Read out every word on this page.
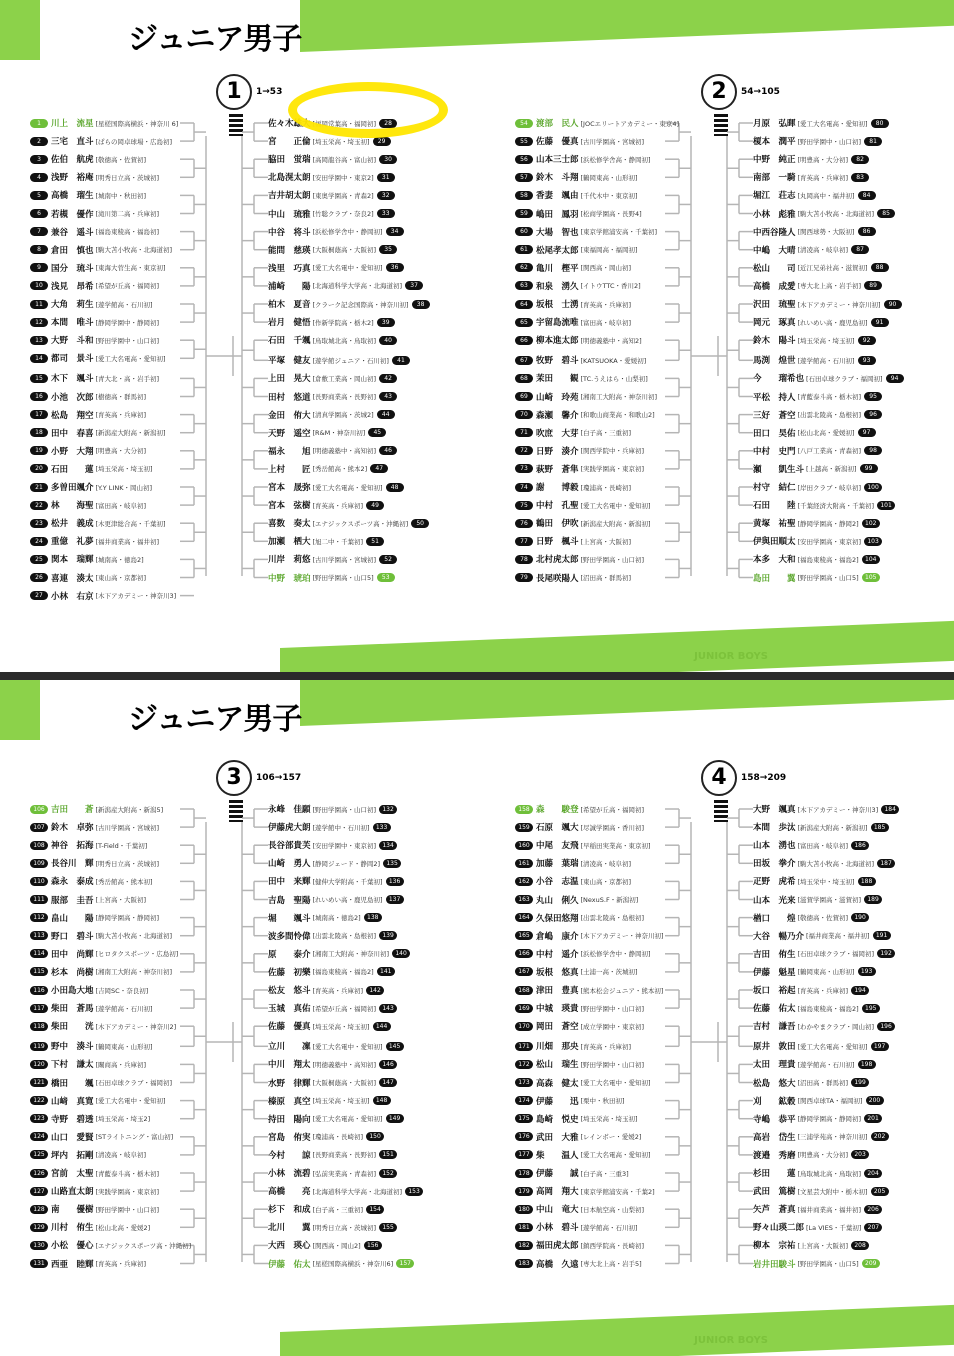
ジュニア男子
JUNIOR BOYS
1	1→53
1	川上　流星 [星槎国際高横浜・神奈川 6]
2	三宅　直斗 [ぱらの岡卓球場・広島初]
3	佐伯　航虎 [敬徳高・佐賀初]
4	浅野　裕庵 [明秀日立高・茨城初]
5	高橋　瑠生 [城南中・秋田初]
6	若槻　優作 [滝川第二高・兵庫初]
7	兼谷　遥斗 [福島東稜高・福島初]
8	倉田　慎也 [駒大苫小牧高・北海道初]
9	国分　琉斗 [東海大菅生高・東京初]
10 浅見　昂希 [希望が丘高・福岡初]
11 大角　莉生 [遊学館高・石川初]
12 本間　唯斗 [静岡学園中・静岡初]
13 大野　斗和 [野田学園中・山口初]
14 都司　景斗 [愛工大名電高・愛知初]
15 木下　颯斗 [青大北・高・岩手初]
16 小池　次郎 [樹徳高・群馬初]
17 松島　翔空 [育英高・兵庫初]
18 田中　春喜 [新潟産大附高・新潟初]
19 小野　大翔 [明豊高・大分初]
20 石田　　蓮 [埼玉栄高・埼玉初]
21 多曽田颯介 [Y.Y LINK・岡山初]
22 林　　海聖 [富田高・岐阜初]
23 松井　義成 [木更津総合高・千葉初]
24 重億　礼夢 [福井商業高・福井初]
25 関本　瑞輝 [城南高・徳島2]
26 喜連　湊太 [東山高・京都初]
27 小林　右京 [木下アカデミー・神奈川3]
佐々木雄大 [福岡常葉高・福岡初]	28
宮　　正倫 [埼玉栄高・埼玉初]	29
脇田　蛍瑞 [高岡龍谷高・富山初]	30
北島滉太朗 [安田学園中・東京2]	31
吉井胡太朗 [東奥学園高・青森2]	32
中山　琉雅 [竹聡クラブ・奈良2]	33
中谷　将斗 [浜松修学舎中・静岡初]	34
能問　慈瑛 [大阪桐蔭高・大阪初]	35
浅里　巧真 [愛工大名電中・愛知初]	36
浦崎　　陽 [北海道科学大学高・北海道初]	37
柏木　夏音 [クラーク記念国際高・神奈川初]	38
岩月　健悟 [作新学院高・栃木2]	39
石田　千颯 [鳥取城北高・鳥取初]	40
平塚　健友 [遊学館ジュニア・石川初]	41
上田　晃大 [倉敷工業高・岡山初]	42
田村　悠道 [長野商業高・長野初]	43
金田　侑大 [清真学園高・茨城2]	44
天野　遥空 [R&M・神奈川初]	45
福永　　旭 [明徳義塾中・高知初]	46
上村　　匠 [秀岳館高・熊本2]	47
宮本　晟弥 [愛工大名電高・愛知初]	48
宮本　弦樹 [育英高・兵庫初]	49
喜数　奏太 [エナジックスポーツ高・沖縄初]	50
加瀬　栖大 [旭二中・千葉初]	51
川岸　莉悠 [古川学園高・宮城初]	52
中野　琥珀 [野田学園高・山口5]	53
2	54→105
54 渡部　民人 [JOCエリートアカデミー・東京4]
55 佐藤　優真 [古川学園高・宮城初]
56 山本三士郎 [浜松修学舎高・静岡初]
57 鈴木　斗翔 [鶴岡東高・山形初]
58 香妻　颯由 [千代木中・東京初]
59 嶋田　鳳羽 [松商学園高・長野4]
60 大場　智也 [東京学館浦安高・千葉初]
61 松尾孝太郎 [東福岡高・福岡初]
62 亀川　樫平 [関西高・岡山初]
63 和泉　湧久 [イトウTTC・香川2]
64 坂根　士湧 [育英高・兵庫初]
65 宇留島流唯 [富田高・岐阜初]
66 柳本進太郎 [明徳義塾中・高知2]
67 牧野　碧斗 [KATSUOKA・愛媛初]
68 茉田　　観 [TC.うえはら・山梨初]
69 山崎　玲苑 [湘南工大附高・神奈川初]
70 森瀬　馨介 [和歌山商業高・和歌山2]
71 吹庶　大芽 [白子高・三重初]
72 日野　湊介 [関西学院中・兵庫初]
73 萩野　蒼隼 [実践学園高・東京初]
74 謝　　博毅 [瓊浦高・長崎初]
75 中村　孔聖 [愛工大名電中・愛知初]
76 鶴田　伊吹 [新潟産大附高・新潟初]
77 日野　楓斗 [上宮高・大阪初]
78 北村虎太郎 [野田学園高・山口初]
79 長尾咲陽人 [沼田高・群馬初]
月原　弘暉 [愛工大名電高・愛知初]	80
榎本　潤平 [野田学園中・山口初]	81
中野　純正 [明豊高・大分初]	82
南部　一騎 [育英高・兵庫初]	83
堀江　荘志 [丸岡高中・福井初]	84
小林　彪雅 [駒大苫小牧高・北海道初]	85
中西谷隆人 [関西球勢・大阪初]	86
中嶋　大晴 [清凌高・岐阜初]	87
松山　　司 [近江兄弟社高・滋賀初]	88
高橋　成愛 [専大北上高・岩手初]	89
沢田　琉聖 [木下アカデミー・神奈川初]	90
岡元　琢真 [れいめい高・鹿児島初]	91
鈴木　陽斗 [埼玉栄高・埼玉初]	92
馬渕　煌世 [遊学館高・石川初]	93
今　　瑠希也 [石田卓球クラブ・福岡初]	94
平松　持人 [青藍泰斗高・栃木初]	95
三好　蒼空 [出雲北陵高・島根初]	96
田口　昊佑 [松山北高・愛媛初]	97
中村　史門 [八戸工業高・青森初]	98
瀬　　凱生斗 [上越高・新潟初]	99
村守　結仁 [岸田クラブ・岐阜初]	100
石田　　陸 [千葉経済大附高・千葉初]	101
黄塚　祐聖 [静岡学園高・静岡2]	102
伊與田順太 [安田学園高・東京初]	103
本多　大和 [福島東稜高・福島2]	104
島田　　翼 [野田学園高・山口5]	105
ジュニア男子
JUNIOR BOYS
3	106→157
106 吉田　　蒼 [新潟産大附高・新潟5]
107 鈴木　卓弥 [古川学園高・宮城初]
108 神谷　拓海 [T-Field・千葉初]
109 長谷川　輝 [明秀日立高・茨城初]
110 森永　泰成 [秀岳館高・熊本初]
111 服部　圭吾 [上宮高・大阪初]
112 畠山　　陽 [静岡学園高・静岡初]
113 野口　碧斗 [駒大苫小牧高・北海道初]
114 田中　尚輝 [ヒロタクスポーツ・広島初]
115 杉本　尚樹 [湘南工大附高・神奈川初]
116 小田島大地 [吉岡SC・奈良初]
117 柴田　蒼馬 [遊学館高・石川初]
118 柴田　　洸 [木下アカデミー・神奈川2]
119 野中　湊斗 [鶴岡東高・山形初]
120 下村　謙太 [關商高・兵庫初]
121 橋田　　颯 [石田卓球クラブ・福岡初]
122 山﨑　真寛 [愛工大名電中・愛知初]
123 寺野　碧透 [埼玉栄高・埼玉2]
124 山口　愛賢 [STライトニング・富山初]
125 坪内　拓剛 [清凌高・岐阜初]
126 宮前　太聖 [青藍泰斗高・栃木初]
127 山路直太朗 [実践学園高・東京初]
128 南　　優樹 [野田学園中・山口初]
129 川村　侑生 [松山北高・愛媛2]
130 小松　優心 [エナジックスポーツ高・沖縄初]
131 西亜　睦輝 [育英高・兵庫初]
永峰　佳願 [野田学園高・山口初]	132
伊藤虎大朗 [遊学館中・石川初]	133
長谷部貴芙 [安田学園中・東京初]	134
山崎　勇人 [静岡ジェード・静岡2]	135
田中　来輝 [健伸大学附高・千葉初]	136
吉島　聖陽 [れいめい高・鹿児島初]	137
堀　　颯斗 [城南高・徳島2]	138
波多間怜偉 [出雲北陵高・島根初]	139
原　　泰介 [湘南工大附高・神奈川初]	140
佐藤　初樂 [福島東稜高・福島2]	141
松友　悠斗 [育英高・兵庫初]	142
玉城　真佑 [希望が丘高・福岡初]	143
佐藤　優真 [埼玉栄高・埼玉初]	144
立川　　凜 [愛工大名電中・愛知初]	145
中川　翔太 [明徳義塾中・高知初]	146
水野　律輝 [大阪桐蔭高・大阪初]	147
榛原　真空 [埼玉栄高・埼玉初]	148
持田　陽向 [愛工大名電高・愛知初]	149
宮島　侑実 [瓊浦高・長崎初]	150
今村　　諒 [長野商業高・長野初]	151
小林　流碧 [弘前実業高・青森初]	152
高橋　　亮 [北海道科学大学高・北海道初]	153
杉下　和成 [白子高・三重初]	154
北川　　翼 [明秀日立高・茨城初]	155
大西　瑛心 [関西高・岡山2]	156
伊藤　佑太 [星槎国際高横浜・神奈川6]	157
4	158→209
158 森　　駿登 [希望が丘高・福岡初]
159 石原　颯大 [尽誠学園高・香川初]
160 中尾　友飛 [早稲田実業高・東京初]
161 加藤　葉瑞 [清凌高・岐阜初]
162 小谷　志温 [東山高・京都初]
163 丸山　俐久 [NexuS.F・新潟初]
164 久保田悠翔 [出雲北陵高・島根初]
165 倉嶋　康介 [木下アカデミー・神奈川初]
166 中村　遥介 [浜松修学舎中・静岡初]
167 坂根　悠真 [土浦一高・茨城初]
168 津田　豊真 [熊本松会ジュニア・熊本初]
169 中城　瑛貴 [野田学園中・山口初]
170 岡田　蒼空 [成立学園中・東京初]
171 川畑　那央 [育英高・兵庫初]
172 松山　瑞生 [野田学園中・山口初]
173 高森　健太 [愛工大名電中・愛知初]
174 伊藤　　迅 [栗中・秋田初]
175 島崎　悦史 [埼玉栄高・埼玉初]
176 武田　大雅 [レインボー・愛媛2]
177 柴　　温人 [愛工大名電高・愛知初]
178 伊藤　　誠 [白子高・三重3]
179 高岡　翔大 [東京学館浦安高・千葉2]
180 中山　竜大 [日本航空高・山梨初]
181 小林　碧斗 [遊学館高・石川初]
182 福田虎太郎 [鎮西学院高・長崎初]
183 高橋　久遠 [専大北上高・岩手5]
大野　颯真 [木下アカデミー・神奈川3]	184
本間　歩汰 [新潟産大附高・新潟初]	185
山本　湧也 [富田高・岐阜初]	186
田坂　拳介 [駒大苫小牧高・北海道初]	187
疋野　虎希 [埼玉栄中・埼玉初]	188
山本　光来 [滋賀学園高・滋賀初]	189
楢口　　煌 [敬徳高・佐賀初]	190
大谷　暢乃介 [福井商業高・福井初]	191
吉田　侑生 [石田卓球クラブ・福岡初]	192
伊藤　魁星 [鶴岡東高・山形初]	193
坂口　裕起 [育英高・兵庫初]	194
佐藤　佑太 [福島東稜高・福島2]	195
吉村　謙吾 [わかやまクラブ・岡山初]	196
原井　敦田 [愛工大名電高・愛知初]	197
太田　理貴 [遊学館高・石川初]	198
松島　悠大 [沼田高・群馬初]	199
刈　　鉱穀 [関西卓球TA・福岡初]	200
寺嶋　恭平 [静岡学園高・静岡初]	201
高岩　岱生 [三浦学苑高・神奈川初]	202
渡邉　秀磨 [明豊高・大分初]	203
杉田　　蓮 [鳥取城北高・鳥取初]	204
武田　篤樹 [文星芸大附中・栃木初]	205
矢芦　蒼真 [福井商業高・福井初]	206
野々山瑛二郎 [La VIES・千葉初]	207
柳本　宗祐 [上宮高・大阪初]	208
岩井田駿斗 [野田学園高・山口5]	209
